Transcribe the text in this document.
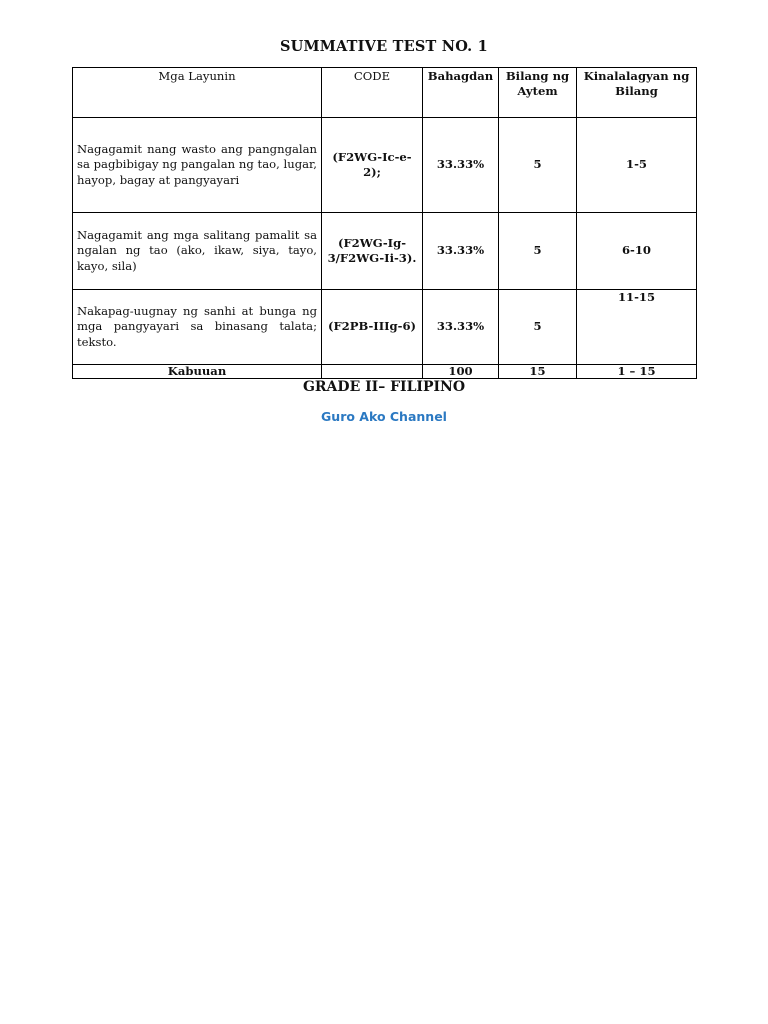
SUMMATIVE TEST NO. 1
Mga Layunin	CODE	Bahagdan	Bilang ng Aytem	Kinalalagyan ng Bilang
Nagagamit nang wasto ang pangngalan sa pagbibigay ng pangalan ng tao, lugar, hayop, bagay at pangyayari	(F2WG-Ic-e-2);	33.33%	5	1-5
Nagagamit ang mga salitang pamalit sa ngalan ng tao (ako, ikaw, siya, tayo, kayo, sila)	(F2WG-Ig-3/F2WG-Ii-3).	33.33%	5	6-10
Nakapag-uugnay ng sanhi at bunga ng mga pangyayari sa binasang talata; teksto.	(F2PB-IIIg-6)	33.33%	5	11-15
Kabuuan		100	15	1 – 15
GRADE II– FILIPINO
Guro Ako Channel
